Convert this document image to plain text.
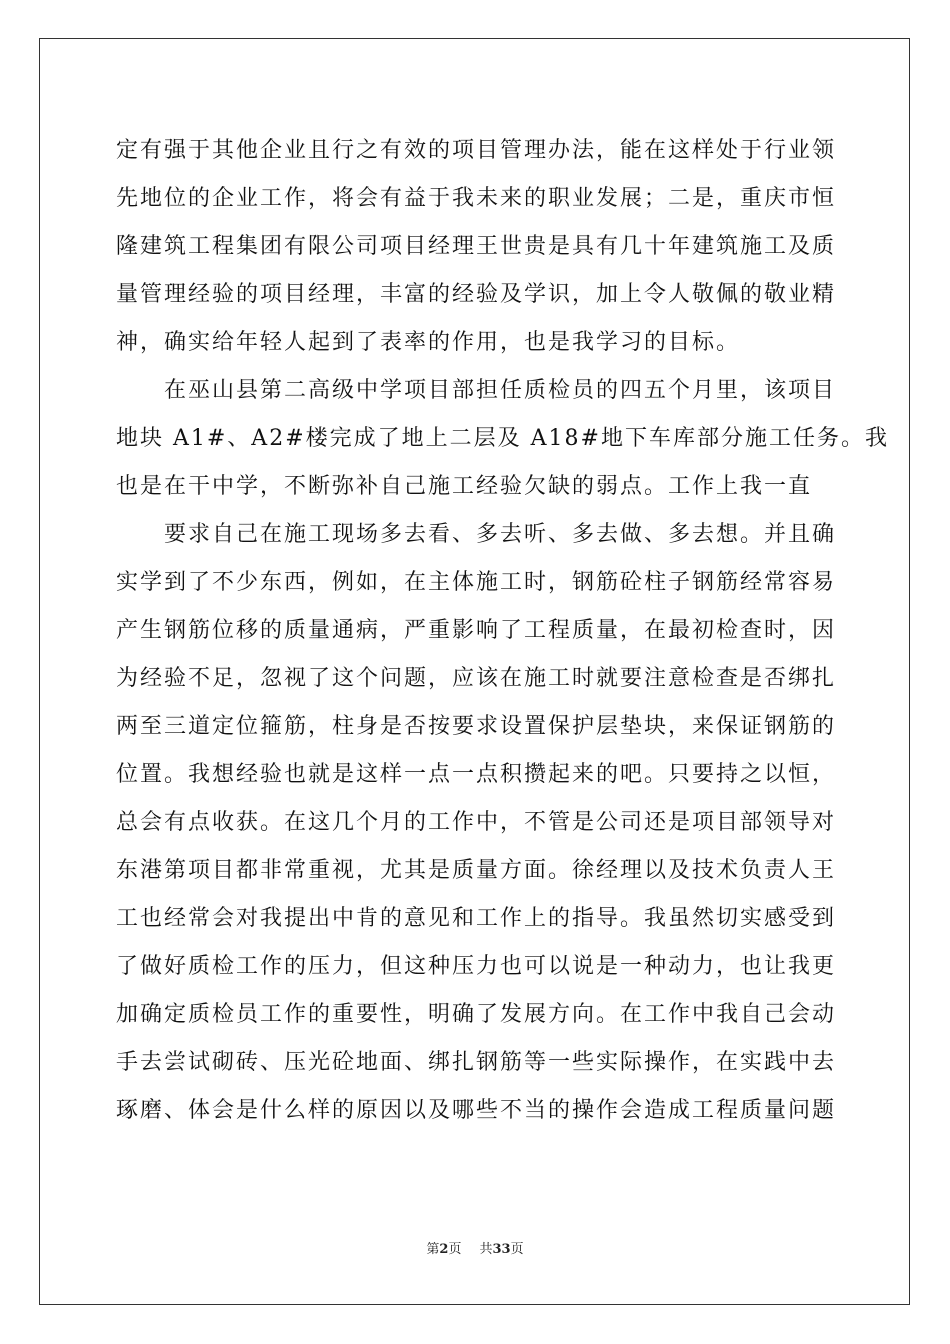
定有强于其他企业且行之有效的项目管理办法，能在这样处于行业领
先地位的企业工作，将会有益于我未来的职业发展；二是，重庆市恒
隆建筑工程集团有限公司项目经理王世贵是具有几十年建筑施工及质
量管理经验的项目经理，丰富的经验及学识，加上令人敬佩的敬业精
神，确实给年轻人起到了表率的作用，也是我学习的目标。
　　在巫山县第二高级中学项目部担任质检员的四五个月里，该项目
地块 A1#、A2#楼完成了地上二层及 A18#地下车库部分施工任务。我
也是在干中学，不断弥补自己施工经验欠缺的弱点。工作上我一直
　　要求自己在施工现场多去看、多去听、多去做、多去想。并且确
实学到了不少东西，例如，在主体施工时，钢筋砼柱子钢筋经常容易
产生钢筋位移的质量通病，严重影响了工程质量，在最初检查时，因
为经验不足，忽视了这个问题，应该在施工时就要注意检查是否绑扎
两至三道定位箍筋，柱身是否按要求设置保护层垫块，来保证钢筋的
位置。我想经验也就是这样一点一点积攒起来的吧。只要持之以恒，
总会有点收获。在这几个月的工作中，不管是公司还是项目部领导对
东港第项目都非常重视，尤其是质量方面。徐经理以及技术负责人王
工也经常会对我提出中肯的意见和工作上的指导。我虽然切实感受到
了做好质检工作的压力，但这种压力也可以说是一种动力，也让我更
加确定质检员工作的重要性，明确了发展方向。在工作中我自己会动
手去尝试砌砖、压光砼地面、绑扎钢筋等一些实际操作，在实践中去
琢磨、体会是什么样的原因以及哪些不当的操作会造成工程质量问题
第2页 共33页
